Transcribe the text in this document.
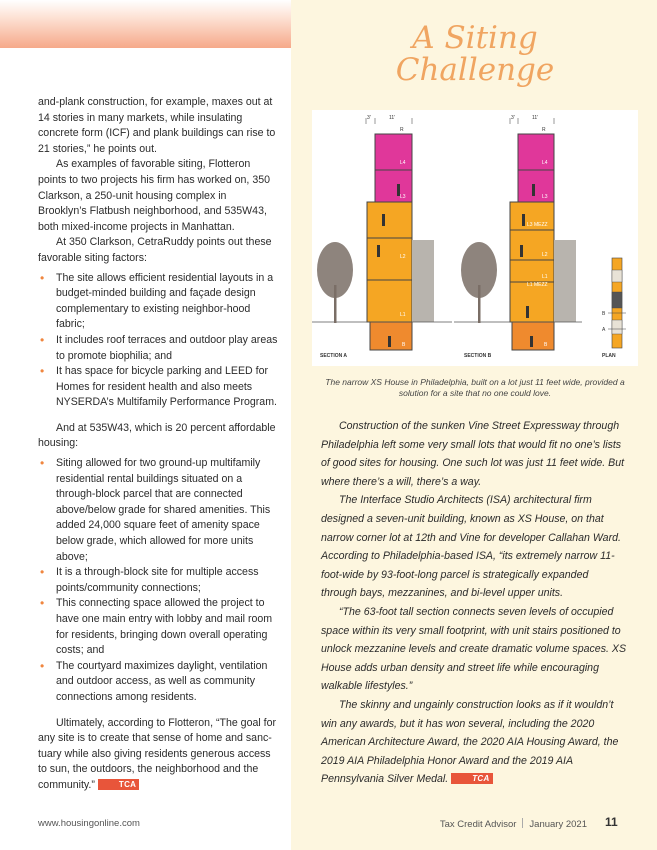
and-plank construction, for example, maxes out at 14 stories in many markets, while insulating concrete form (ICF) and plank buildings can rise to 21 stories,” he points out.

As examples of favorable siting, Flotteron points to two projects his firm has worked on, 350 Clarkson, a 250-unit housing complex in Brooklyn’s Flatbush neighborhood, and 535W43, both mixed-income projects in Manhattan.

At 350 Clarkson, CetraRuddy points out these favorable siting factors:

• The site allows efficient residential layouts in a budget-minded building and façade design complementary to existing neighbor-hood fabric;
• It includes roof terraces and outdoor play areas to promote biophilia; and
• It has space for bicycle parking and LEED for Homes for resident health and also meets NYSERDA’s Multifamily Performance Program.

And at 535W43, which is 20 percent affordable housing:

• Siting allowed for two ground-up multifamily residential rental buildings situated on a through-block parcel that are connected above/below grade for shared amenities. This added 24,000 square feet of amenity space below grade, which allowed for more units above;
• It is a through-block site for multiple access points/community connections;
• This connecting space allowed the project to have one main entry with lobby and mail room for residents, bringing down overall operating costs; and
• The courtyard maximizes daylight, ventilation and outdoor access, as well as community connections among residents.

Ultimately, according to Flotteron, “The goal for any site is to create that sense of home and sanc-tuary while also giving residents generous access to sun, the outdoors, the neighborhood and the community.”	TCA

A Siting
Challenge
3'	11'
R
L4
L3
L2
L1
B
SECTION A
3'	11'
R
L4
L3
L3 MEZZ
L2
L1
L1 MEZZ
B
SECTION B
B
A
PLAN
The narrow XS House in Philadelphia, built on a lot just 11 feet wide, provided a solution for a site that no one could love.

Construction of the sunken Vine Street Expressway through Philadelphia left some very small lots that would fit no one’s lists of good sites for housing. One such lot was just 11 feet wide. But where there’s a will, there’s a way.

The Interface Studio Architects (ISA) architectural firm designed a seven-unit building, known as XS House, on that narrow corner lot at 12th and Vine for developer Callahan Ward. According to Philadelphia-based ISA, “its extremely narrow 11-foot-wide by 93-foot-long parcel is strategically expanded through bays, mezzanines, and bi-level upper units.

“The 63-foot tall section connects seven levels of occupied space within its very small footprint, with unit stairs positioned to unlock mezzanine levels and create dramatic volume spaces. XS House adds urban density and street life while encouraging walkable lifestyles.”

The skinny and ungainly construction looks as if it wouldn’t win any awards, but it has won several, including the 2020 American Architecture Award, the 2020 AIA Housing Award, the 2019 AIA Philadelphia Honor Award and the 2019 AIA Pennsylvania Silver Medal.	TCA

www.housingonline.com	Tax Credit Advisor January 2021 11
